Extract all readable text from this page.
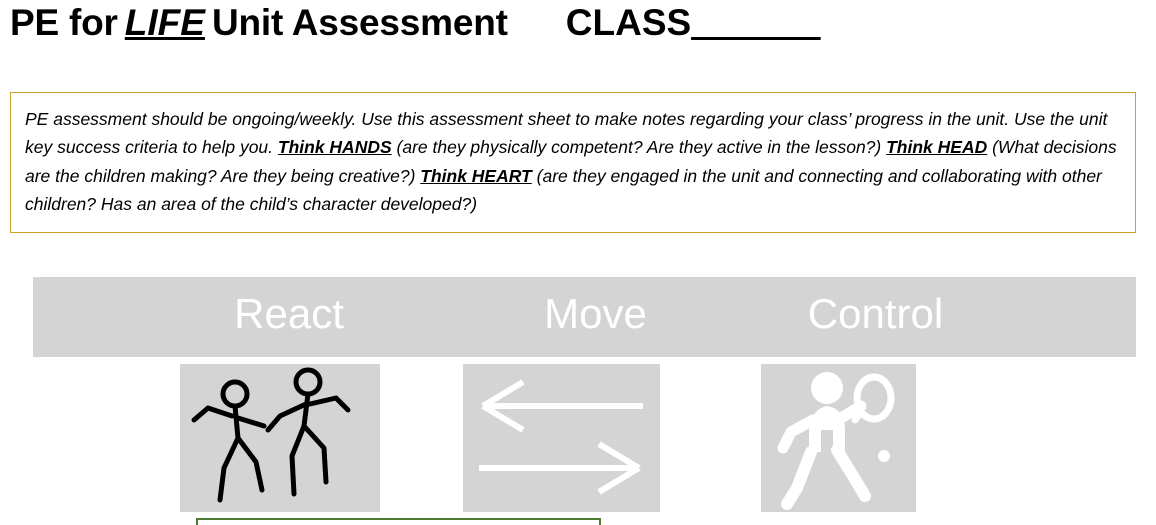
PE for LIFE Unit Assessment CLASS ______
PE assessment should be ongoing/weekly. Use this assessment sheet to make notes regarding your class’ progress in the unit. Use the unit key success criteria to help you. Think HANDS (are they physically competent? Are they active in the lesson?) Think HEAD (What decisions are the children making? Are they being creative?) Think HEART (are they engaged in the unit and connecting and collaborating with other children? Has an area of the child’s character developed?)
React	Move	Control
